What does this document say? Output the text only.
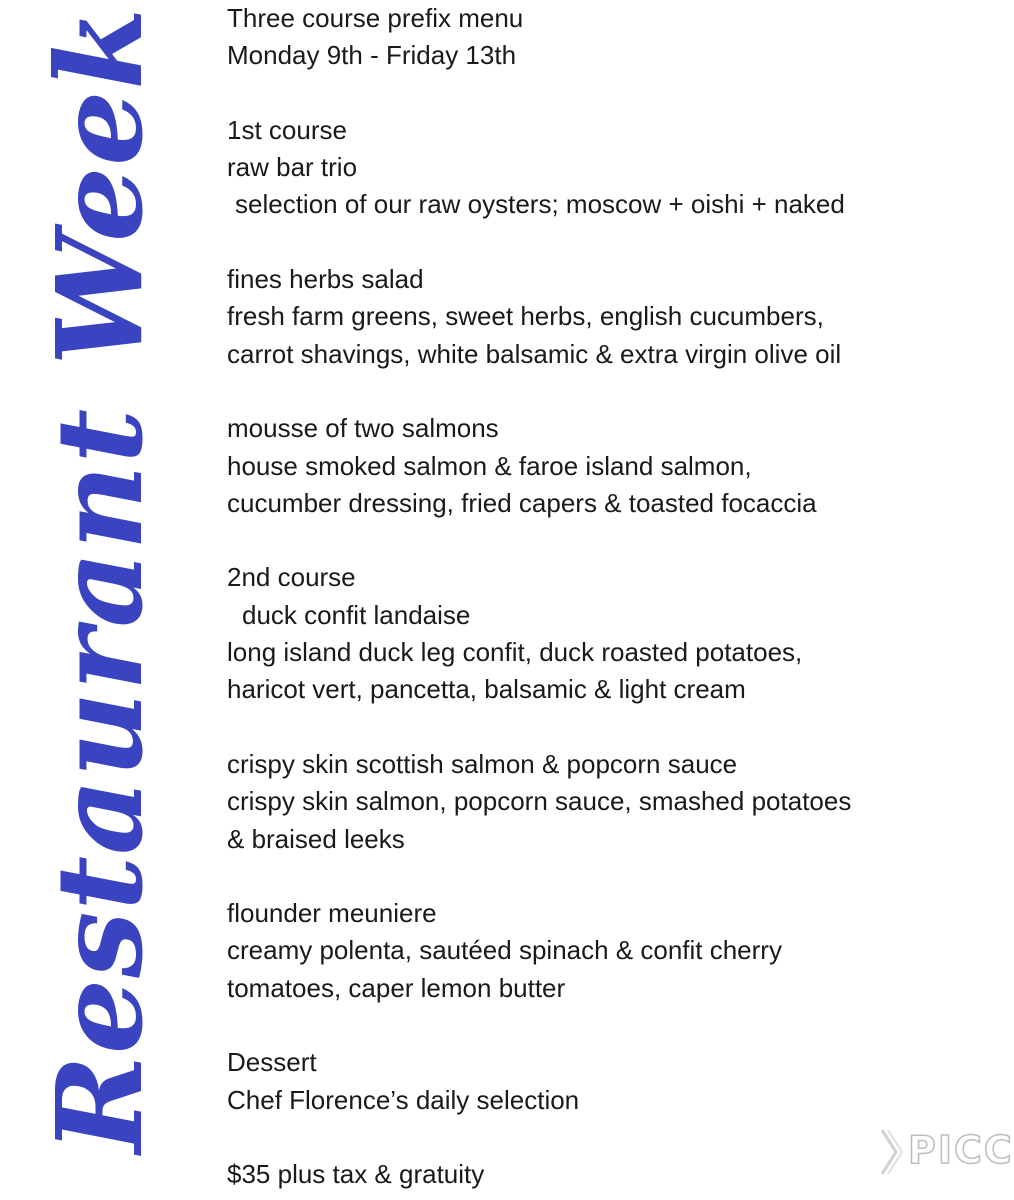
Restaurant Week Three course prefix menu

Monday 9th - Friday 13th

1st course

raw bar trio

selection of our raw oysters; moscow + oishi + naked

fines herbs salad

fresh farm greens, sweet herbs, english cucumbers,

carrot shavings, white balsamic & extra virgin olive oil

mousse of two salmons

house smoked salmon & faroe island salmon,

cucumber dressing, fried capers & toasted focaccia

2nd course

duck confit landaise

long island duck leg confit, duck roasted potatoes,

haricot vert, pancetta, balsamic & light cream

crispy skin scottish salmon & popcorn sauce

crispy skin salmon, popcorn sauce, smashed potatoes

& braised leeks

flounder meuniere

creamy polenta, sautéed spinach & confit cherry

tomatoes, caper lemon butter

Dessert

Chef Florence’s daily selection

$35 plus tax & gratuity

PICC
